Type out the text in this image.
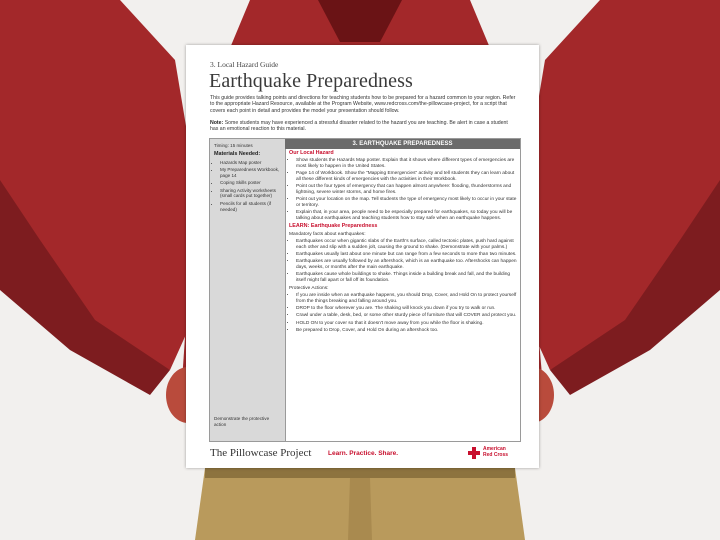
3. Local Hazard Guide
Earthquake Preparedness
This guide provides talking points and directions for teaching students how to be prepared for a hazard common to your region. Refer to the appropriate Hazard Resource, available at the Program Website, www.redcross.com/the-pillowcase-project, for a script that covers each point in detail and provides the model your presentation should follow.
Note: Some students may have experienced a stressful disaster related to the hazard you are teaching. Be alert in case a student has an emotional reaction to this material.
Timing: 15 minutes
Materials Needed:
• Hazards Map poster
• My Preparedness Workbook, page 14
• Coping Skills poster
• Sharing Activity worksheets (small cards put together)
• Pencils for all students (if needed)
Demonstrate the protective action
3. EARTHQUAKE PREPAREDNESS
Our Local Hazard
• Show students the Hazards Map poster. Explain that it shows where different types of emergencies are most likely to happen in the United States.
• Page 14 of Workbook. Show the "Mapping Emergencies" activity and tell students they can learn about all these different kinds of emergencies with the activities in their Workbook.
• Point out the four types of emergency that can happen almost anywhere: flooding, thunderstorms and lightning, severe winter storms, and home fires.
• Point out your location on the map. Tell students the type of emergency most likely to occur in your state or territory.
• Explain that, in your area, people need to be especially prepared for earthquakes, so today you will be talking about earthquakes and teaching students how to stay safe when an earthquake happens.
LEARN: Earthquake Preparedness
Mandatory facts about earthquakes:
• Earthquakes occur when gigantic slabs of the Earth's surface, called tectonic plates, push hard against each other and slip with a sudden jolt, causing the ground to shake. (Demonstrate with your palms.)
• Earthquakes usually last about one minute but can range from a few seconds to more than two minutes.
• Earthquakes are usually followed by an aftershock, which is an earthquake too. Aftershocks can happen days, weeks, or months after the main earthquake.
• Earthquakes cause whole buildings to shake. Things inside a building break and fall, and the building itself might fall apart or fall off its foundation.
Protective Actions:
• If you are inside when an earthquake happens, you should Drop, Cover, and Hold On to protect yourself from the things breaking and falling around you.
• DROP to the floor wherever you are. The shaking will knock you down if you try to walk or run.
• Crawl under a table, desk, bed, or some other sturdy piece of furniture that will COVER and protect you.
• HOLD ON to your cover so that it doesn't move away from you while the floor is shaking.
• Be prepared to Drop, Cover, and Hold On during an aftershock too.
The Pillowcase Project	Learn. Practice. Share.
American
Red Cross
